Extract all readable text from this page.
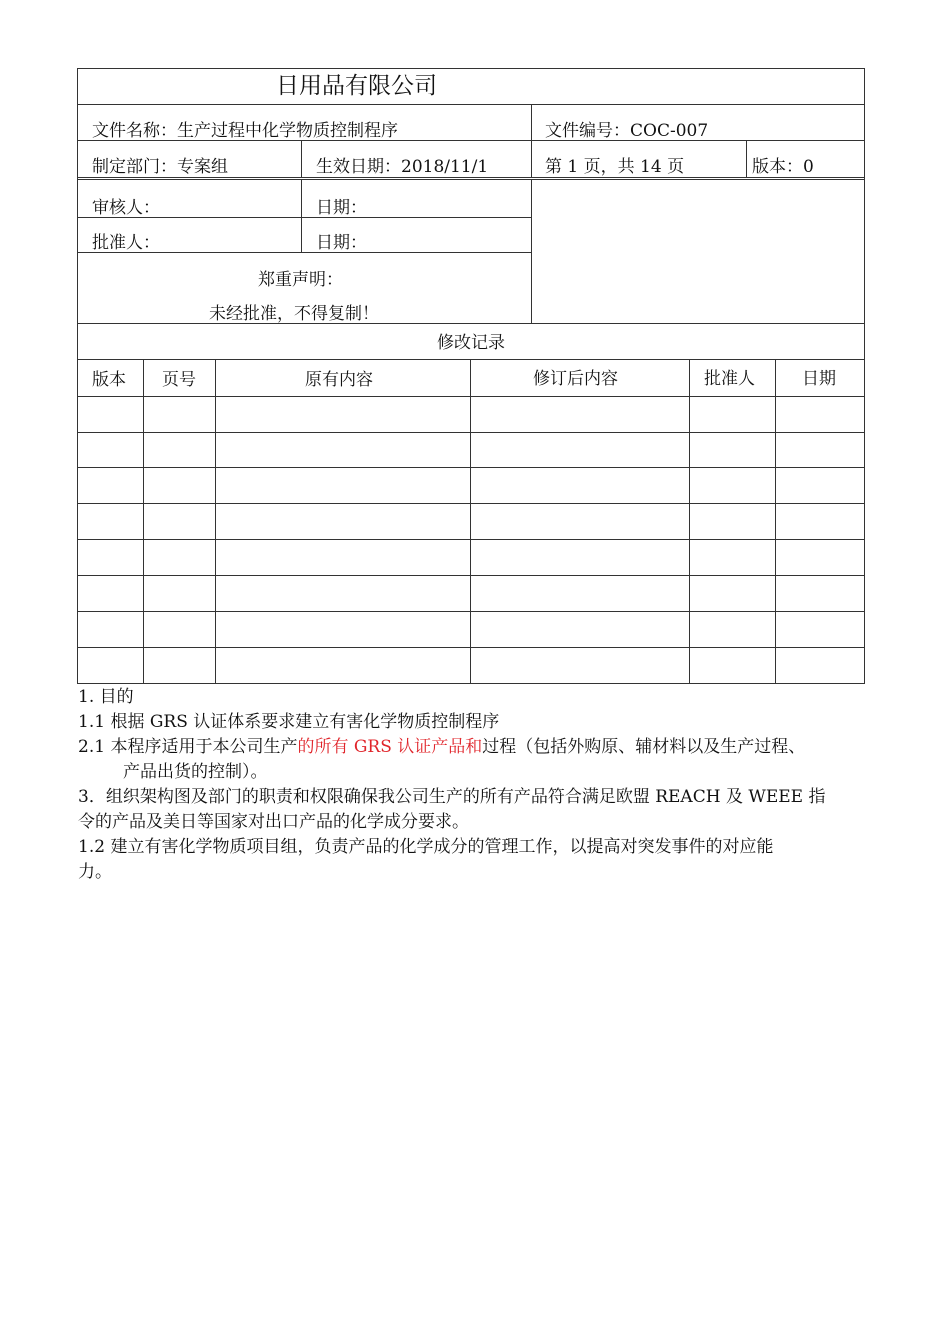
日用品有限公司
文件名称：生产过程中化学物质控制程序	文件编号：COC-007
制定部门：专案组	生效日期：2018/11/1	第 1 页，共 14 页	版本：0
审核人：	日期：
批准人：	日期：
郑重声明：
未经批准，不得复制！
修改记录
版本 页号	原有内容	修订后内容	批准人	日期
1. 目的
1.1 根据 GRS 认证体系要求建立有害化学物质控制程序
2.1 本程序适用于本公司生产的所有 GRS 认证产品和过程（包括外购原、辅材料以及生产过程、
产品出货的控制）。
3．组织架构图及部门的职责和权限确保我公司生产的所有产品符合满足欧盟 REACH 及 WEEE 指
令的产品及美日等国家对出口产品的化学成分要求。
1.2 建立有害化学物质项目组，负责产品的化学成分的管理工作，以提高对突发事件的对应能
力。
